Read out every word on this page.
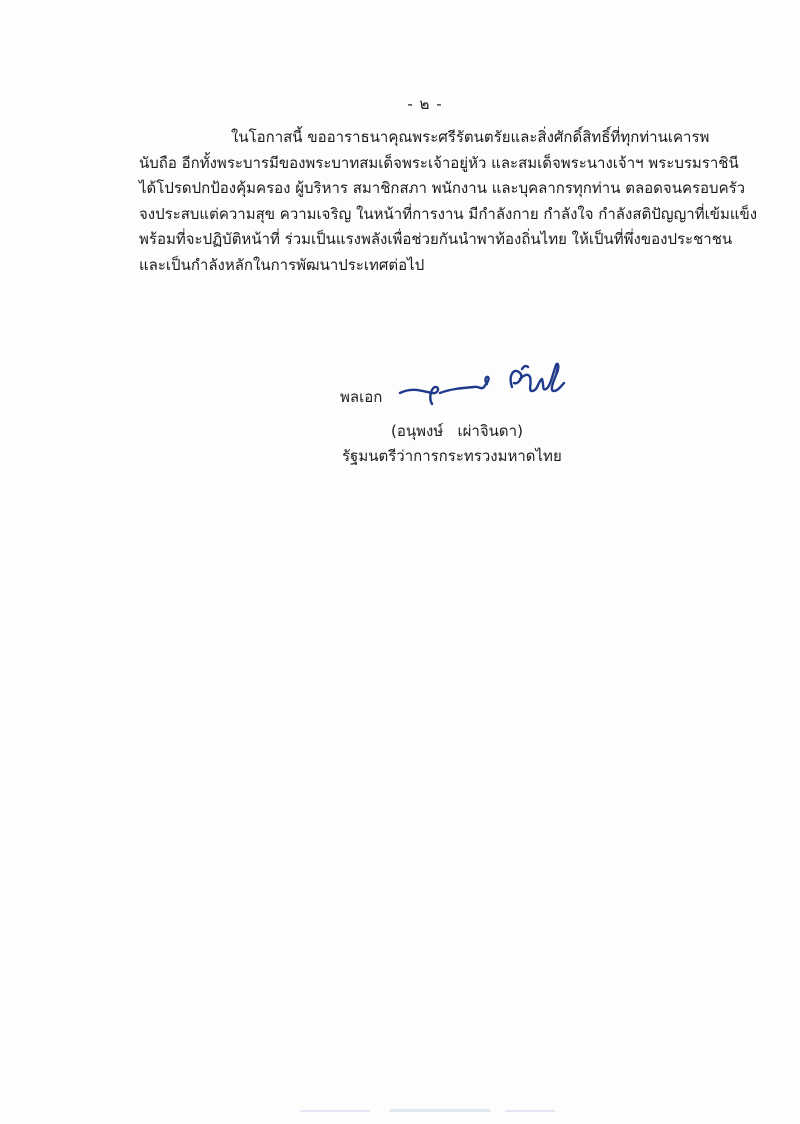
- ๒ -
ในโอกาสนี้ ขออาราธนาคุณพระศรีรัตนตรัยและสิ่งศักดิ์สิทธิ์ที่ทุกท่านเคารพ
นับถือ อีกทั้งพระบารมีของพระบาทสมเด็จพระเจ้าอยู่หัว และสมเด็จพระนางเจ้าฯ พระบรมราชินี
ได้โปรดปกป้องคุ้มครอง ผู้บริหาร สมาชิกสภา พนักงาน และบุคลากรทุกท่าน ตลอดจนครอบครัว
จงประสบแต่ความสุข ความเจริญ ในหน้าที่การงาน มีกำลังกาย กำลังใจ กำลังสติปัญญาที่เข้มแข็ง
พร้อมที่จะปฏิบัติหน้าที่ ร่วมเป็นแรงพลังเพื่อช่วยกันนำพาท้องถิ่นไทย ให้เป็นที่พึ่งของประชาชน
และเป็นกำลังหลักในการพัฒนาประเทศต่อไป
พลเอก
(อนุพงษ์   เผ่าจินดา)
รัฐมนตรีว่าการกระทรวงมหาดไทย
